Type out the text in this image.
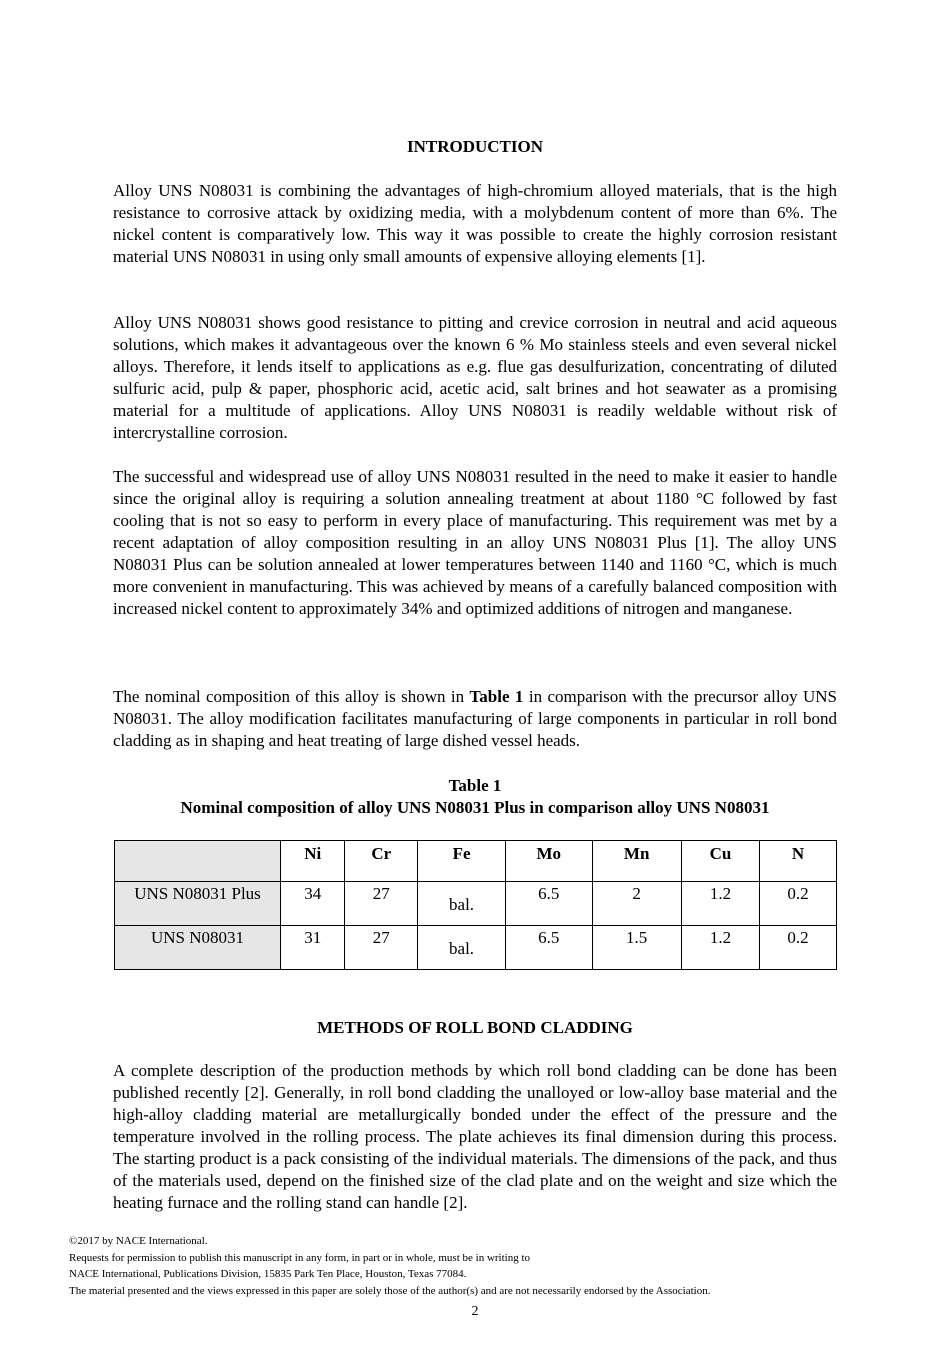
INTRODUCTION

Alloy UNS N08031 is combining the advantages of high-chromium alloyed materials, that is the high resistance to corrosive attack by oxidizing media, with a molybdenum content of more than 6%. The nickel content is comparatively low. This way it was possible to create the highly corrosion resistant material UNS N08031 in using only small amounts of expensive alloying elements [1].

Alloy UNS N08031 shows good resistance to pitting and crevice corrosion in neutral and acid aqueous solutions, which makes it advantageous over the known 6 % Mo stainless steels and even several nickel alloys. Therefore, it lends itself to applications as e.g. flue gas desulfurization, concentrating of diluted sulfuric acid, pulp & paper, phosphoric acid, acetic acid, salt brines and hot seawater as a promising material for a multitude of applications. Alloy UNS N08031 is readily weldable without risk of intercrystalline corrosion.

The successful and widespread use of alloy UNS N08031 resulted in the need to make it easier to handle since the original alloy is requiring a solution annealing treatment at about 1180 °C followed by fast cooling that is not so easy to perform in every place of manufacturing. This requirement was met by a recent adaptation of alloy composition resulting in an alloy UNS N08031 Plus [1]. The alloy UNS N08031 Plus can be solution annealed at lower temperatures between 1140 and 1160 °C, which is much more convenient in manufacturing. This was achieved by means of a carefully balanced composition with increased nickel content to approximately 34% and optimized additions of nitrogen and manganese.

The nominal composition of this alloy is shown in Table 1 in comparison with the precursor alloy UNS N08031. The alloy modification facilitates manufacturing of large components in particular in roll bond cladding as in shaping and heat treating of large dished vessel heads.

Table 1
Nominal composition of alloy UNS N08031 Plus in comparison alloy UNS N08031

	Ni	Cr	Fe	Mo	Mn	Cu	N
UNS N08031 Plus	34	27	bal.	6.5	2	1.2	0.2
UNS N08031	31	27	bal.	6.5	1.5	1.2	0.2
METHODS OF ROLL BOND CLADDING

A complete description of the production methods by which roll bond cladding can be done has been published recently [2]. Generally, in roll bond cladding the unalloyed or low-alloy base material and the high-alloy cladding material are metallurgically bonded under the effect of the pressure and the temperature involved in the rolling process. The plate achieves its final dimension during this process. The starting product is a pack consisting of the individual materials. The dimensions of the pack, and thus of the materials used, depend on the finished size of the clad plate and on the weight and size which the heating furnace and the rolling stand can handle [2].

©2017 by NACE International.

Requests for permission to publish this manuscript in any form, in part or in whole, must be in writing to

NACE International, Publications Division, 15835 Park Ten Place, Houston, Texas 77084.

The material presented and the views expressed in this paper are solely those of the author(s) and are not necessarily endorsed by the Association.

2
